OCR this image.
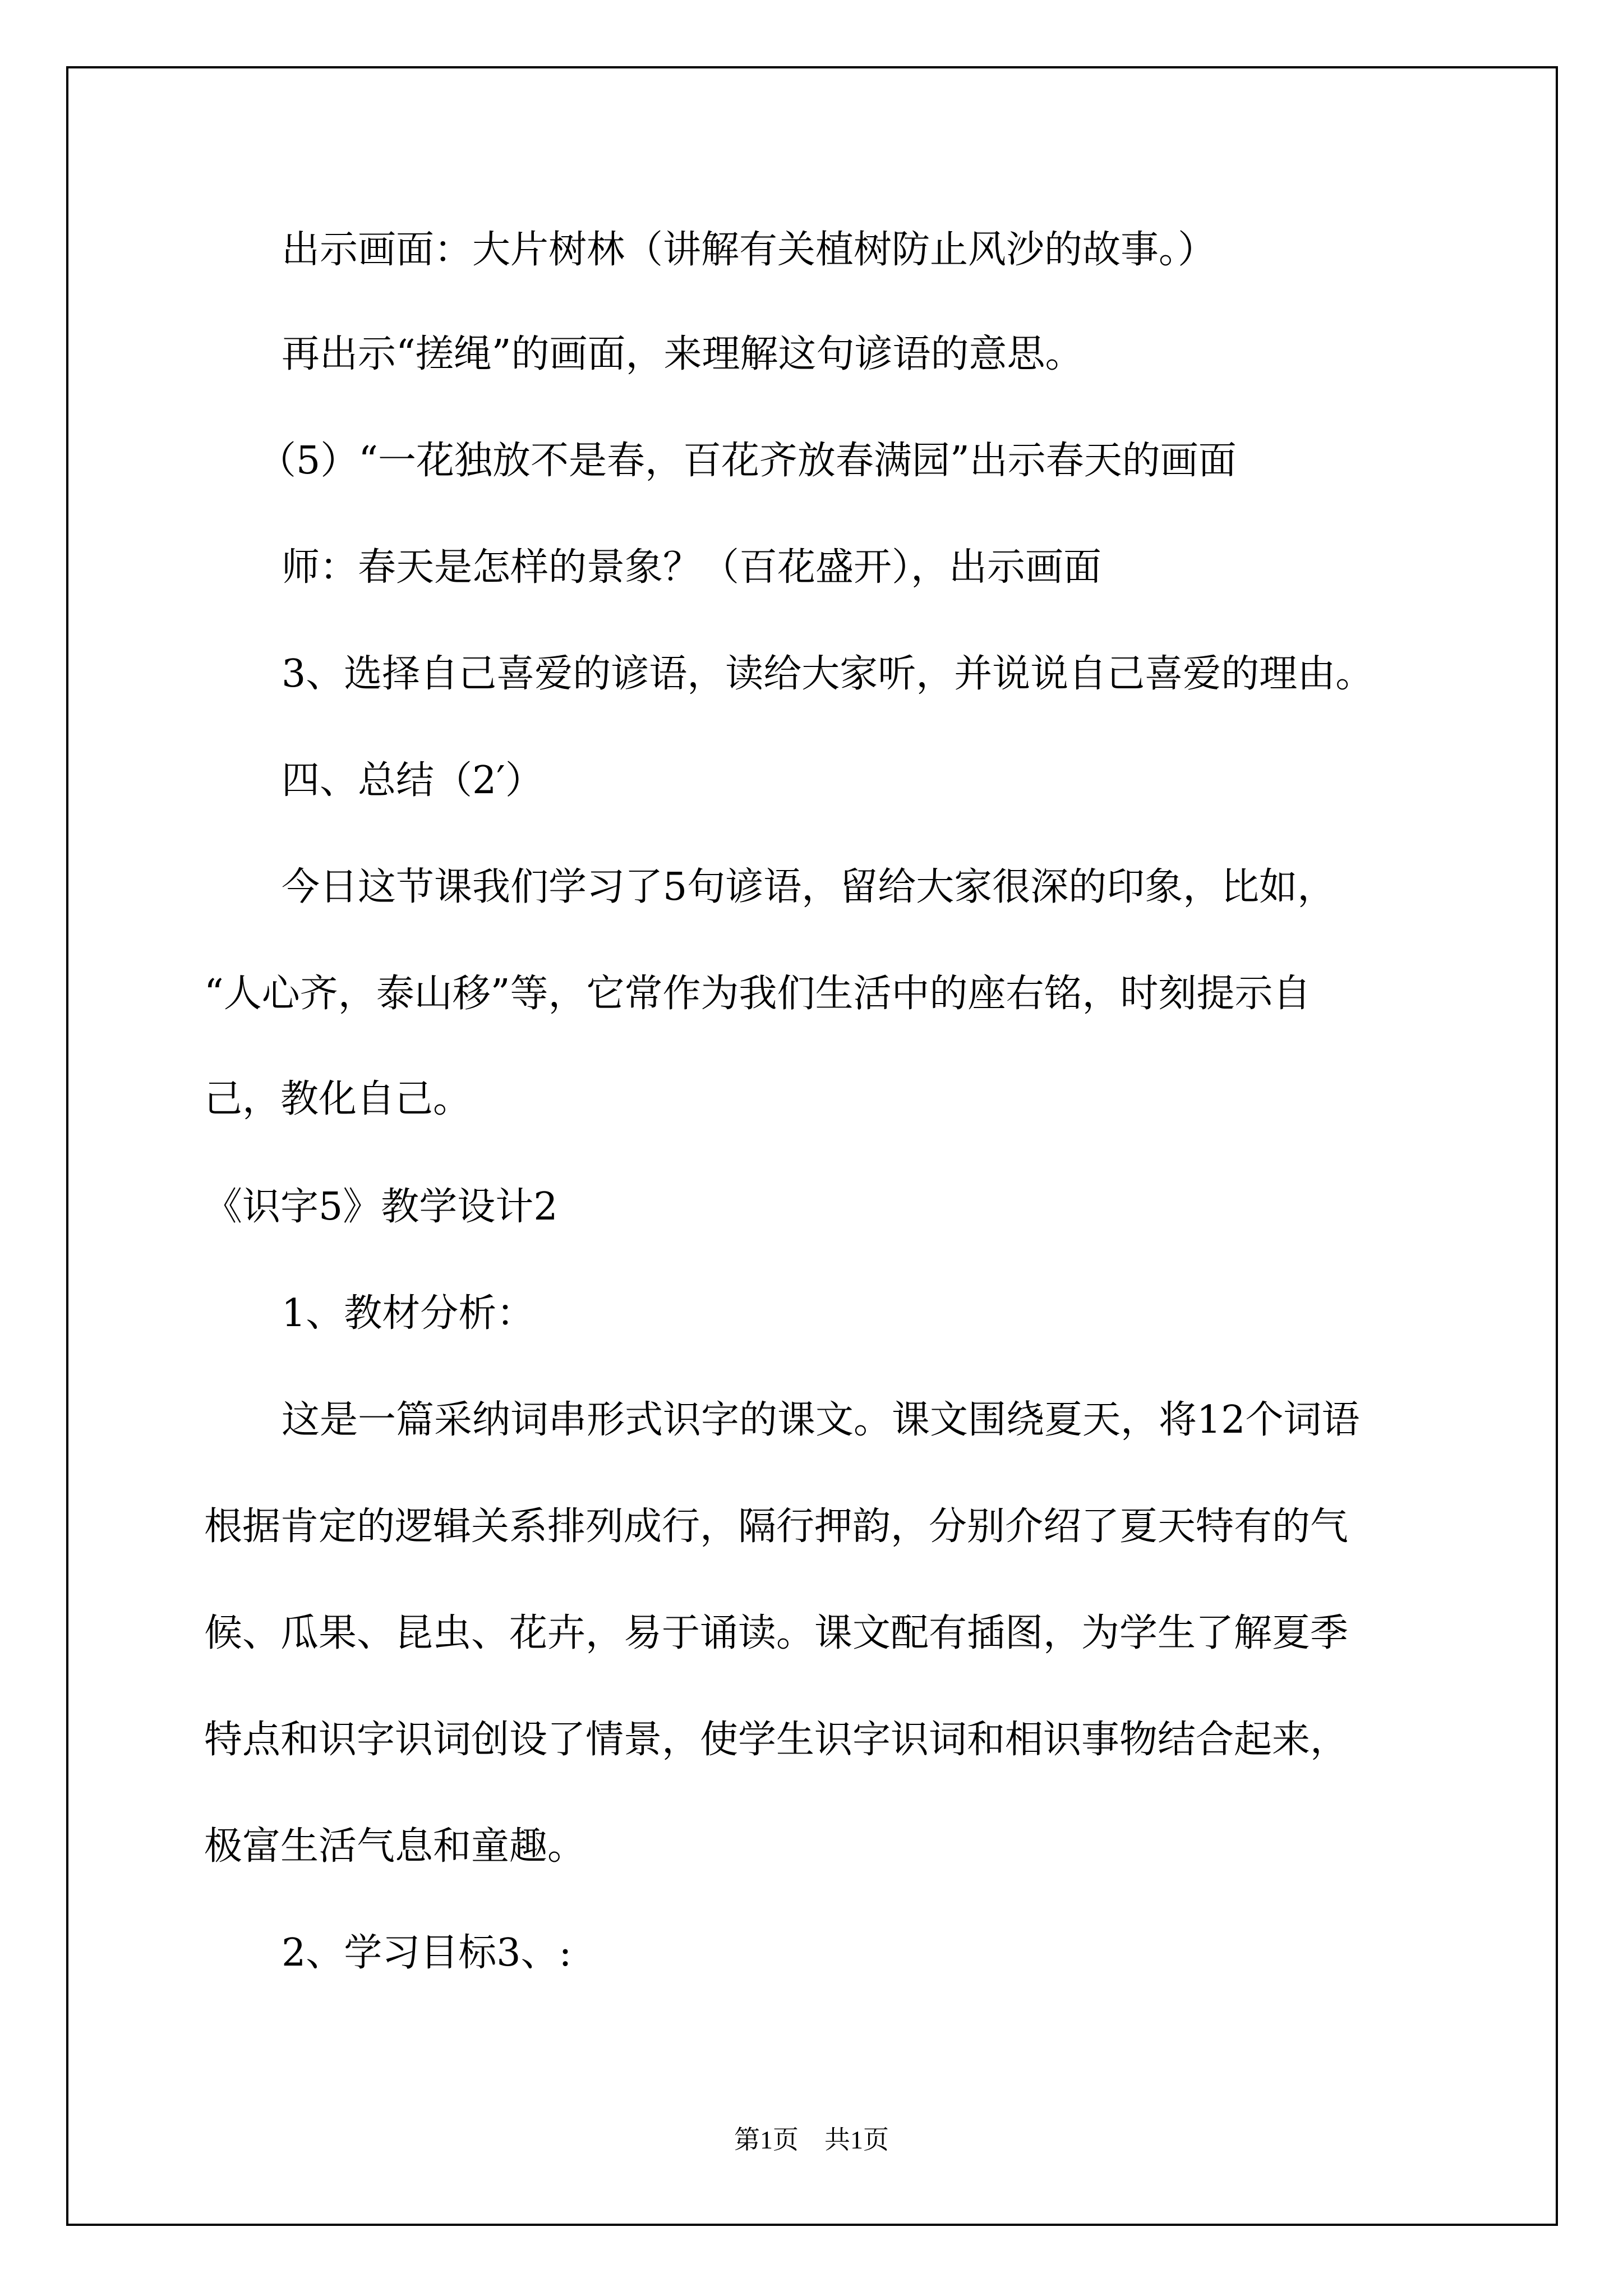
出示画面：大片树林（讲解有关植树防止风沙的故事。）
再出示“搓绳”的画面，来理解这句谚语的意思。
（5）“一花独放不是春，百花齐放春满园”出示春天的画面
师：春天是怎样的景象？（百花盛开），出示画面
3、选择自己喜爱的谚语，读给大家听，并说说自己喜爱的理由。
四、总结（2′）
今日这节课我们学习了5句谚语，留给大家很深的印象，比如，
“人心齐，泰山移”等，它常作为我们生活中的座右铭，时刻提示自
己，教化自己。
《识字5》教学设计2
1、教材分析：
这是一篇采纳词串形式识字的课文。课文围绕夏天，将12个词语
根据肯定的逻辑关系排列成行，隔行押韵，分别介绍了夏天特有的气
候、瓜果、昆虫、花卉，易于诵读。课文配有插图，为学生了解夏季
特点和识字识词创设了情景，使学生识字识词和相识事物结合起来，
极富生活气息和童趣。
2、学习目标3、:
第1页　共1页
